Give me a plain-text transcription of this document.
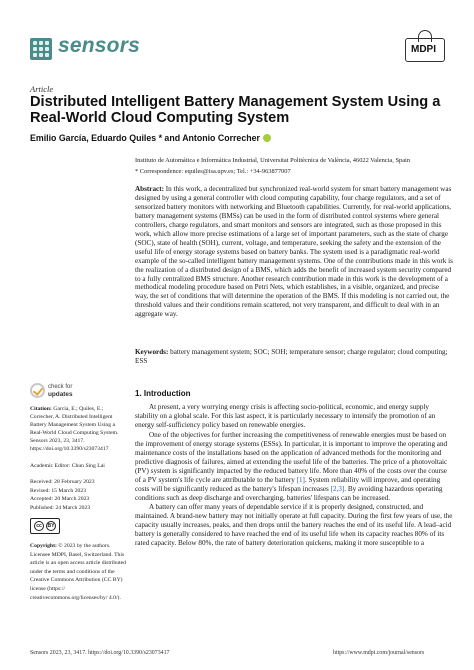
sensors	MDPI
Article
Distributed Intelligent Battery Management System Using a Real-World Cloud Computing System
Emilio García, Eduardo Quiles * and Antonio Correcher
Instituto de Automática e Informática Industrial, Universitat Politècnica de València, 46022 Valencia, Spain
* Correspondence: equiles@isa.upv.es; Tel.: +34-963877007
Abstract: In this work, a decentralized but synchronized real-world system for smart battery management was designed by using a general controller with cloud computing capability, four charge regulators, and a set of sensorized battery monitors with networking and Bluetooth capabilities. Currently, for real-world applications, battery management systems (BMSs) can be used in the form of distributed control systems where general controllers, charge regulators, and smart monitors and sensors are integrated, such as those proposed in this work, which allow more precise estimations of a large set of important parameters, such as the state of charge (SOC), state of health (SOH), current, voltage, and temperature, seeking the safety and the extension of the useful life of energy storage systems based on battery banks. The system used is a paradigmatic real-world example of the so-called intelligent battery management systems. One of the contributions made in this work is the realization of a distributed design of a BMS, which adds the benefit of increased system security compared to a fully centralized BMS structure. Another research contribution made in this work is the development of a methodical modeling procedure based on Petri Nets, which establishes, in a visible, organized, and precise way, the set of conditions that will determine the operation of the BMS. If this modeling is not carried out, the threshold values and their conditions remain scattered, not very transparent, and difficult to deal with in an aggregate way.
Keywords: battery management system; SOC; SOH; temperature sensor; charge regulator; cloud computing; ESS
check for
updates
Citation: García, E.; Quiles, E.; Correcher, A. Distributed Intelligent Battery Management System Using a Real-World Cloud Computing System. Sensors 2023, 23, 3417. https://doi.org/10.3390/s23073417
Academic Editor: Chun Sing Lai
Received: 28 February 2023
Revised: 15 March 2023
Accepted: 20 March 2023
Published: 24 March 2023
cc	BY
Copyright: © 2023 by the authors. Licensee MDPI, Basel, Switzerland. This article is an open access article distributed under the terms and conditions of the Creative Commons Attribution (CC BY) license (https:// creativecommons.org/licenses/by/ 4.0/).
1. Introduction

At present, a very worrying energy crisis is affecting socio-political, economic, and energy supply stability on a global scale. For this last aspect, it is particularly necessary to intensify the promotion of an energy self-sufficiency policy based on renewable energies.

One of the objectives for further increasing the competitiveness of renewable energies must be based on the improvement of energy storage systems (ESSs). In particular, it is important to improve the operating and maintenance costs of the installations based on the application of advanced methods for the monitoring and predictive diagnosis of failures, aimed at extending the useful life of the batteries. The price of a photovoltaic (PV) system is significantly impacted by the reduced battery life. More than 40% of the costs over the course of a PV system's life cycle are attributable to the battery [1]. System reliability will improve, and operating costs will be significantly reduced as the battery's lifespan increases [2,3]. By avoiding hazardous operating conditions such as deep discharge and overcharging, batteries' lifespans can be increased.

A battery can offer many years of dependable service if it is properly designed, constructed, and maintained. A brand-new battery may not initially operate at full capacity. During the first few years of use, the capacity usually increases, peaks, and then drops until the battery reaches the end of its useful life. A lead–acid battery is generally considered to have reached the end of its useful life when its capacity reaches 80% of its rated capacity. Below 80%, the rate of battery deterioration quickens, making it more susceptible to a

Sensors 2023, 23, 3417. https://doi.org/10.3390/s23073417	https://www.mdpi.com/journal/sensors
